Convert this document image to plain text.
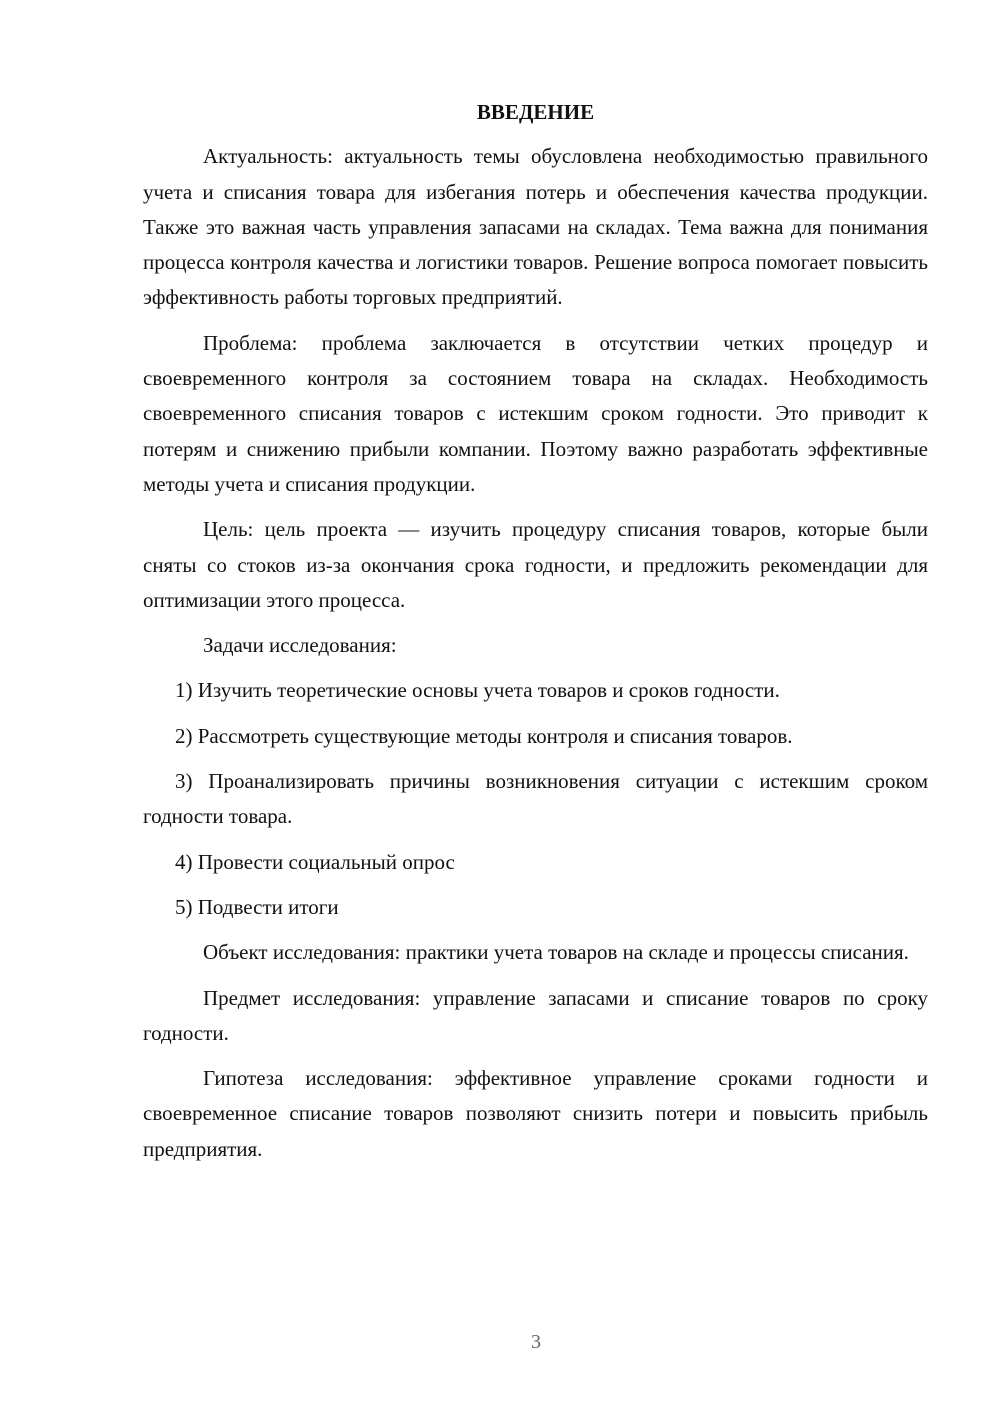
ВВЕДЕНИЕ

Актуальность: актуальность темы обусловлена необходимостью правильного учета и списания товара для избегания потерь и обеспечения качества продукции. Также это важная часть управления запасами на складах. Тема важна для понимания процесса контроля качества и логистики товаров. Решение вопроса помогает повысить эффективность работы торговых предприятий.

Проблема: проблема заключается в отсутствии четких процедур и своевременного контроля за состоянием товара на складах. Необходимость своевременного списания товаров с истекшим сроком годности. Это приводит к потерям и снижению прибыли компании. Поэтому важно разработать эффективные методы учета и списания продукции.

Цель: цель проекта — изучить процедуру списания товаров, которые были сняты со стоков из-за окончания срока годности, и предложить рекомендации для оптимизации этого процесса.

Задачи исследования:

1) Изучить теоретические основы учета товаров и сроков годности.

2) Рассмотреть существующие методы контроля и списания товаров.

3) Проанализировать причины возникновения ситуации с истекшим сроком годности товара.

4) Провести социальный опрос

5) Подвести итоги

Объект исследования: практики учета товаров на складе и процессы списания.

Предмет исследования: управление запасами и списание товаров по сроку годности.

Гипотеза исследования: эффективное управление сроками годности и своевременное списание товаров позволяют снизить потери и повысить прибыль предприятия.

3
